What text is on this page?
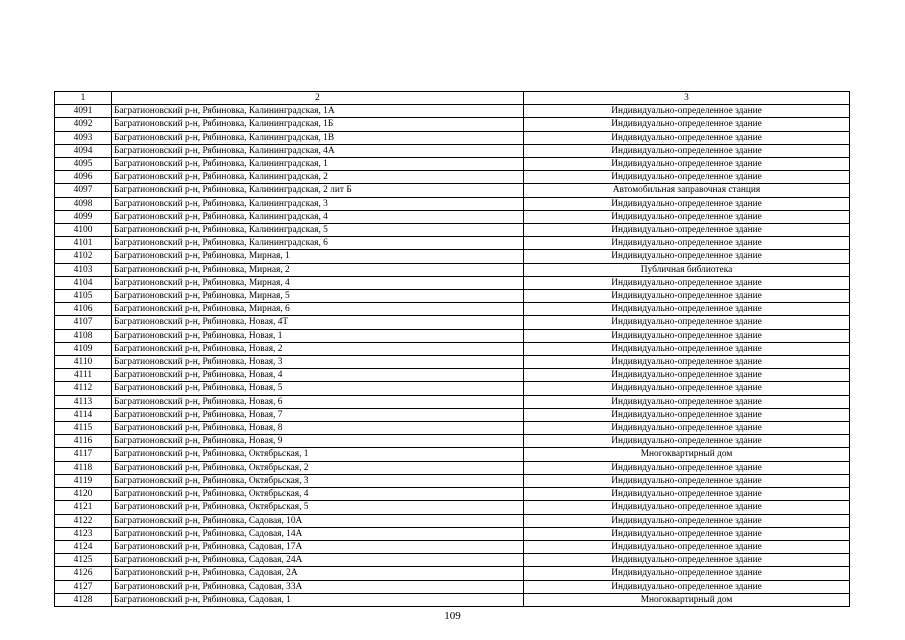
1	2	3
4091	Багратионовский р-н, Рябиновка, Калининградская, 1А	Индивидуально-определенное здание
4092	Багратионовский р-н, Рябиновка, Калининградская, 1Б	Индивидуально-определенное здание
4093	Багратионовский р-н, Рябиновка, Калининградская, 1В	Индивидуально-определенное здание
4094	Багратионовский р-н, Рябиновка, Калининградская, 4А	Индивидуально-определенное здание
4095	Багратионовский р-н, Рябиновка, Калининградская, 1	Индивидуально-определенное здание
4096	Багратионовский р-н, Рябиновка, Калининградская, 2	Индивидуально-определенное здание
4097	Багратионовский р-н, Рябиновка, Калининградская, 2 лит Б	Автомобильная заправочная станция
4098	Багратионовский р-н, Рябиновка, Калининградская, 3	Индивидуально-определенное здание
4099	Багратионовский р-н, Рябиновка, Калининградская, 4	Индивидуально-определенное здание
4100	Багратионовский р-н, Рябиновка, Калининградская, 5	Индивидуально-определенное здание
4101	Багратионовский р-н, Рябиновка, Калининградская, 6	Индивидуально-определенное здание
4102	Багратионовский р-н, Рябиновка, Мирная, 1	Индивидуально-определенное здание
4103	Багратионовский р-н, Рябиновка, Мирная, 2	Публичная библиотека
4104	Багратионовский р-н, Рябиновка, Мирная, 4	Индивидуально-определенное здание
4105	Багратионовский р-н, Рябиновка, Мирная, 5	Индивидуально-определенное здание
4106	Багратионовский р-н, Рябиновка, Мирная, 6	Индивидуально-определенное здание
4107	Багратионовский р-н, Рябиновка, Новая, 4Т	Индивидуально-определенное здание
4108	Багратионовский р-н, Рябиновка, Новая, 1	Индивидуально-определенное здание
4109	Багратионовский р-н, Рябиновка, Новая, 2	Индивидуально-определенное здание
4110	Багратионовский р-н, Рябиновка, Новая, 3	Индивидуально-определенное здание
4111	Багратионовский р-н, Рябиновка, Новая, 4	Индивидуально-определенное здание
4112	Багратионовский р-н, Рябиновка, Новая, 5	Индивидуально-определенное здание
4113	Багратионовский р-н, Рябиновка, Новая, 6	Индивидуально-определенное здание
4114	Багратионовский р-н, Рябиновка, Новая, 7	Индивидуально-определенное здание
4115	Багратионовский р-н, Рябиновка, Новая, 8	Индивидуально-определенное здание
4116	Багратионовский р-н, Рябиновка, Новая, 9	Индивидуально-определенное здание
4117	Багратионовский р-н, Рябиновка, Октябрьская, 1	Многоквартирный дом
4118	Багратионовский р-н, Рябиновка, Октябрьская, 2	Индивидуально-определенное здание
4119	Багратионовский р-н, Рябиновка, Октябрьская, 3	Индивидуально-определенное здание
4120	Багратионовский р-н, Рябиновка, Октябрьская, 4	Индивидуально-определенное здание
4121	Багратионовский р-н, Рябиновка, Октябрьская, 5	Индивидуально-определенное здание
4122	Багратионовский р-н, Рябиновка, Садовая, 10А	Индивидуально-определенное здание
4123	Багратионовский р-н, Рябиновка, Садовая, 14А	Индивидуально-определенное здание
4124	Багратионовский р-н, Рябиновка, Садовая, 17А	Индивидуально-определенное здание
4125	Багратионовский р-н, Рябиновка, Садовая, 24А	Индивидуально-определенное здание
4126	Багратионовский р-н, Рябиновка, Садовая, 2А	Индивидуально-определенное здание
4127	Багратионовский р-н, Рябиновка, Садовая, 33А	Индивидуально-определенное здание
4128	Багратионовский р-н, Рябиновка, Садовая, 1	Многоквартирный дом
109
